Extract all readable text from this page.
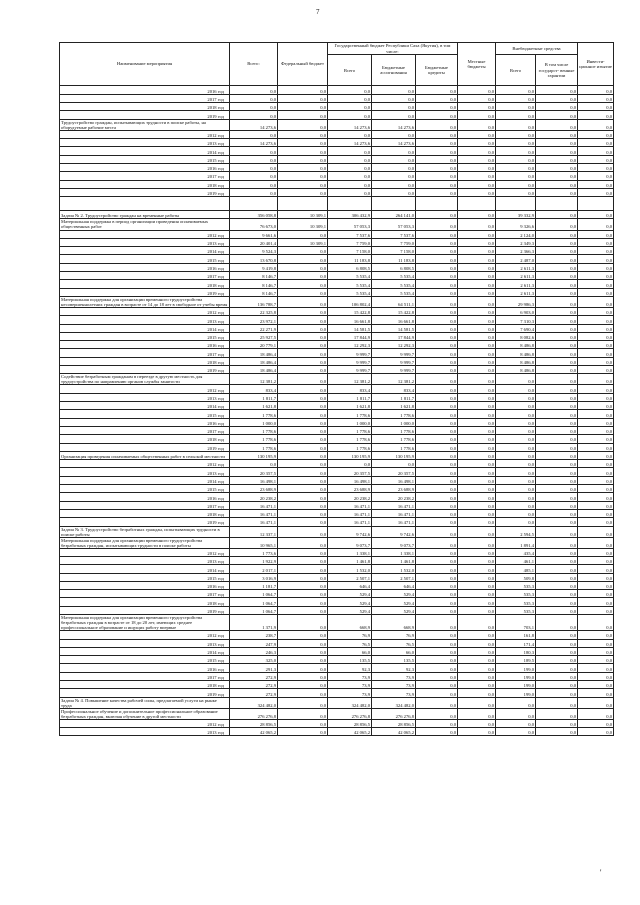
7
Наименование мероприятия	Всего:	Федеральный бюджет	Государственный бюджет Республики Саха (Якутия), в том числе:			Местные бюджеты	Внебюджетные средства		Инвести- ционное изъятие
			Всего	Бюджетные ассигнования	Бюджетные кредиты		Всего	В том числе государст- венные гарантии	

2016 год	0,0	0,0	0,0	0,0	0,0	0,0	0,0	0,0	0,0
2017 год	0,0	0,0	0,0	0,0	0,0	0,0	0,0	0,0	0,0
2018 год	0,0	0,0	0,0	0,0	0,0	0,0	0,0	0,0	0,0
2019 год	0,0	0,0	0,0	0,0	0,0	0,0	0,0	0,0	0,0
Трудоустройство граждан, испытывающих трудности в поиске работы, на оборудуемые рабочие места	14 273,6	0,0	14 273,6	14 273,6	0,0	0,0	0,0	0,0	0,0
2012 год	0,0	0,0	0,0	0,0	0,0	0,0	0,0	0,0	0,0
2013 год	14 273,6	0,0	14 273,6	14 273,6	0,0	0,0	0,0	0,0	0,0
2014 год	0,0	0,0	0,0	0,0	0,0	0,0	0,0	0,0	0,0
2015 год	0,0	0,0	0,0	0,0	0,0	0,0	0,0	0,0	0,0
2016 год	0,0	0,0	0,0	0,0	0,0	0,0	0,0	0,0	0,0
2017 год	0,0	0,0	0,0	0,0	0,0	0,0	0,0	0,0	0,0
2018 год	0,0	0,0	0,0	0,0	0,0	0,0	0,0	0,0	0,0
2019 год	0,0	0,0	0,0	0,0	0,0	0,0	0,0	0,0	0,0

Задача № 2. Трудоустройство граждан на временные работы	356 058,8	10 309,1	306 432,9	264 141,0	0,0	0,0	39 332,9	0,0	0,0
Материальная поддержка в период организации проведения оплачиваемых общественных работ	76 673,0	10 309,1	57 053,3	57 053,3	0,0	0,0	9 326,6	0,0	0,0
2012 год	9 661,6	0,0	7 537,6	7 537,6	0,0	0,0	2 124,0	0,0	0,0
2013 год	20 401,4	10 309,1	7 759,0	7 759,0	0,0	0,0	2 349,3	0,0	0,0
2014 год	9 524,3	0,0	7 158,0	7 158,0	0,0	0,0	2 366,3	0,0	0,0
2015 год	13 670,8	0,0	11 183,8	11 183,8	0,0	0,0	2 487,0	0,0	0,0
2016 год	9 419,8	0,0	6 808,5	6 808,5	0,0	0,0	2 611,3	0,0	0,0
2017 год	8 146,7	0,0	5 535,4	5 535,4	0,0	0,0	2 611,3	0,0	0,0
2018 год	8 146,7	0,0	5 535,4	5 535,4	0,0	0,0	2 611,3	0,0	0,0
2019 год	8 146,7	0,0	5 535,4	5 535,4	0,0	0,0	2 611,3	0,0	0,0
Материальная поддержка для организации временного трудоустройства несовершеннолетних граждан в возрасте от 14 до 18 лет в свободное от учебы время	136 788,7	0,0	106 802,4	64 511,1	0,0	0,0	29 986,3	0,0	0,0
2012 год	22 325,8	0,0	15 422,8	15 422,8	0,0	0,0	6 903,0	0,0	0,0
2013 год	23 972,1	0,0	16 661,8	16 661,8	0,0	0,0	7 310,3	0,0	0,0
2014 год	22 271,9	0,0	14 581,5	14 581,5	0,0	0,0	7 690,4	0,0	0,0
2015 год	25 927,5	0,0	17 844,9	17 844,9	0,0	0,0	8 082,6	0,0	0,0
2016 год	20 779,1	0,0	12 292,3	12 292,3	0,0	0,0	8 486,8	0,0	0,0
2017 год	18 486,4	0,0	9 999,7	9 999,7	0,0	0,0	8 486,8	0,0	0,0
2018 год	18 486,4	0,0	9 999,7	9 999,7	0,0	0,0	8 486,8	0,0	0,0
2019 год	18 486,4	0,0	9 999,7	9 999,7	0,0	0,0	8 486,8	0,0	0,0
Содействие безработным гражданам в переезде в другую местность для трудоустройства по направлению органов службы занятости	12 381,2	0,0	12 381,2	12 381,2	0,0	0,0	0,0	0,0	0,0
2012 год	833,4	0,0	833,4	833,4	0,0	0,0	0,0	0,0	0,0
2013 год	1 811,7	0,0	1 811,7	1 811,7	0,0	0,0	0,0	0,0	0,0
2014 год	1 621,8	0,0	1 621,8	1 621,8	0,0	0,0	0,0	0,0	0,0
2015 год	1 778,6	0,0	1 778,6	1 778,6	0,0	0,0	0,0	0,0	0,0
2016 год	1 000,0	0,0	1 000,0	1 000,0	0,0	0,0	0,0	0,0	0,0
2017 год	1 778,6	0,0	1 778,6	1 778,6	0,0	0,0	0,0	0,0	0,0
2018 год	1 778,6	0,0	1 778,6	1 778,6	0,0	0,0	0,0	0,0	0,0
2019 год	1 778,6	0,0	1 778,6	1 778,6	0,0	0,0	0,0	0,0	0,0
Организация проведения оплачиваемых общественных работ в сельской местности	130 195,9	0,0	130 195,9	130 195,9	0,0	0,0	0,0	0,0	0,0
2012 год	0,0	0,0	0,0	0,0	0,0	0,0	0,0	0,0	0,0
2013 год	20 357,5	0,0	20 357,5	20 357,5	0,0	0,0	0,0	0,0	0,0
2014 год	16 498,1	0,0	16 498,1	16 498,1	0,0	0,0	0,0	0,0	0,0
2015 год	23 688,9	0,0	23 688,9	23 688,9	0,0	0,0	0,0	0,0	0,0
2016 год	20 238,2	0,0	20 238,2	20 238,2	0,0	0,0	0,0	0,0	0,0
2017 год	16 471,1	0,0	16 471,1	16 471,1	0,0	0,0	0,0	0,0	0,0
2018 год	16 471,1	0,0	16 471,1	16 471,1	0,0	0,0	0,0	0,0	0,0
2019 год	16 471,1	0,0	16 471,1	16 471,1	0,0	0,0	0,0	0,0	0,0
Задача № 3. Трудоустройство безработных граждан, испытывающих трудности в поиске работы	12 337,1	0,0	9 742,6	9 742,6	0,0	0,0	2 594,5	0,0	0,0
Материальная поддержка для организации временного трудоустройства безработных граждан, испытывающих трудности в поиске работы	10 965,1	0,0	9 073,7	9 073,7	0,0	0,0	1 891,4	0,0	0,0
2012 год	1 773,6	0,0	1 338,1	1 338,1	0,0	0,0	435,4	0,0	0,0
2013 год	1 922,9	0,0	1 461,8	1 461,8	0,0	0,0	461,1	0,0	0,0
2014 год	2 017,1	0,0	1 532,0	1 532,0	0,0	0,0	485,1	0,0	0,0
2015 год	3 016,9	0,0	2 507,1	2 507,1	0,0	0,0	509,8	0,0	0,0
2016 год	1 181,7	0,0	646,4	646,4	0,0	0,0	535,3	0,0	0,0
2017 год	1 064,7	0,0	529,4	529,4	0,0	0,0	535,3	0,0	0,0
2018 год	1 064,7	0,0	529,4	529,4	0,0	0,0	535,3	0,0	0,0
2019 год	1 064,7	0,0	529,4	529,4	0,0	0,0	535,3	0,0	0,0
Материальная поддержка для организации временного трудоустройства безработных граждан в возрасте от 18 до 20 лет, имеющих среднее профессиональное образование и ищущих работу впервые	1 371,9	0,0	668,9	668,9	0,0	0,0	703,1	0,0	0,0
2012 год	238,7	0,0	76,9	76,9	0,0	0,0	161,8	0,0	0,0
2013 год	247,9	0,0	76,5	76,5	0,0	0,0	171,4	0,0	0,0
2014 год	246,3	0,0	66,0	66,0	0,0	0,0	180,3	0,0	0,0
2015 год	325,0	0,0	135,5	135,5	0,0	0,0	189,5	0,0	0,0
2016 год	291,3	0,0	92,3	92,3	0,0	0,0	199,0	0,0	0,0
2017 год	272,9	0,0	73,9	73,9	0,0	0,0	199,0	0,0	0,0
2018 год	272,9	0,0	73,9	73,9	0,0	0,0	199,0	0,0	0,0
2019 год	272,9	0,0	73,9	73,9	0,0	0,0	199,0	0,0	0,0
Задача № 4. Повышение качества рабочей силы, предлагаемой услуги на рынке труда	324 482,0	0,0	324 482,0	324 482,0	0,0	0,0	0,0	0,0	0,0
Профессиональное обучение и дополнительное профессиональное образование безработных граждан, включая обучение в другой местности	276 276,8	0,0	276 276,8	276 276,8	0,0	0,0	0,0	0,0	0,0
2012 год	28 856,5	0,0	28 856,5	28 856,5	0,0	0,0	0,0	0,0	0,0
2013 год	42 065,2	0,0	42 065,2	42 065,2	0,0	0,0	0,0	0,0	0,0
'
